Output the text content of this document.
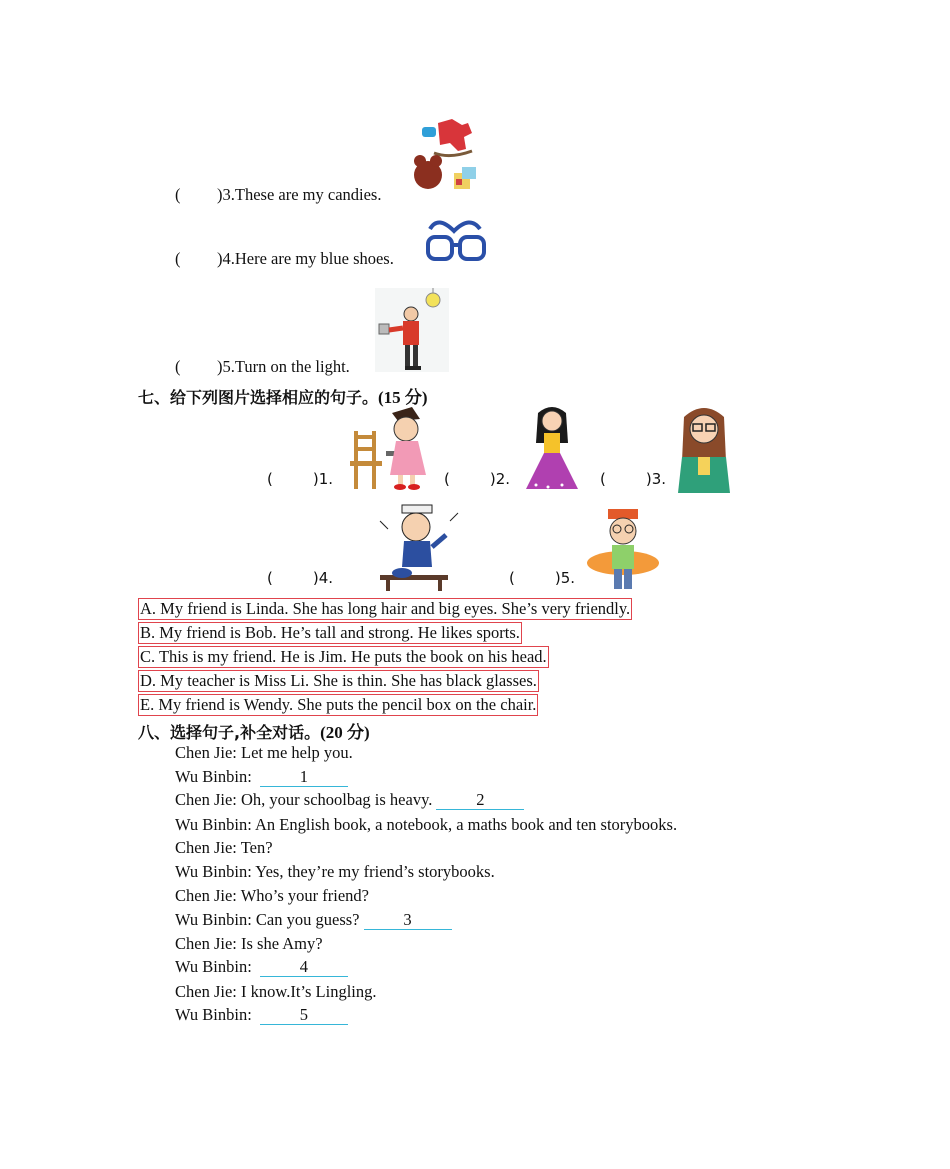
( )3.These are my candies.
( )4.Here are my blue shoes.
( )5.Turn on the light.
七、给下列图片选择相应的句子。(15 分)
(	)1.	(	)2.	(	)3.
(	)4.	(	)5.
A. My friend is Linda. She has long hair and big eyes. She’s very friendly.
B. My friend is Bob. He’s tall and strong. He likes sports.
C. This is my friend. He is Jim. He puts the book on his head.
D. My teacher is Miss Li. She is thin. She has black glasses.
E. My friend is Wendy. She puts the pencil box on the chair.
八、选择句子,补全对话。(20 分)
Chen Jie: Let me help you.
Wu Binbin:	1
Chen Jie: Oh, your schoolbag is heavy.	2
Wu Binbin: An English book, a notebook, a maths book and ten storybooks.
Chen Jie: Ten?
Wu Binbin: Yes, they’re my friend’s storybooks.
Chen Jie: Who’s your friend?
Wu Binbin: Can you guess?	3
Chen Jie: Is she Amy?
Wu Binbin:	4
Chen Jie: I know.It’s Lingling.
Wu Binbin:	5
